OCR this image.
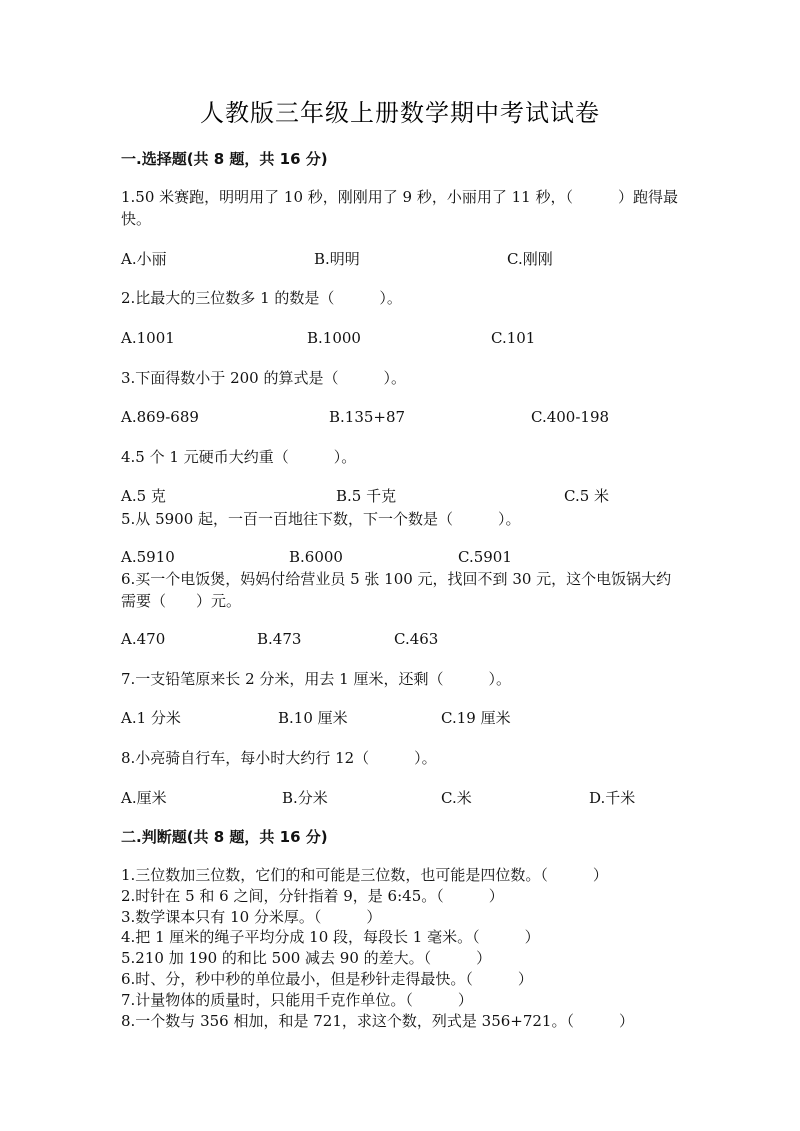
人教版三年级上册数学期中考试试卷
一.选择题(共 8 题，共 16 分)
1.50 米赛跑，明明用了 10 秒，刚刚用了 9 秒，小丽用了 11 秒，（　　　）跑得最快。
A.小丽	B.明明	C.刚刚
2.比最大的三位数多 1 的数是（　　　）。
A.1001	B.1000	C.101
3.下面得数小于 200 的算式是（　　　）。
A.869-689	B.135+87	C.400-198
4.5 个 1 元硬币大约重（　　　）。
A.5 克	B.5 千克	C.5 米
5.从 5900 起，一百一百地往下数，下一个数是（　　　）。
A.5910	B.6000	C.5901
6.买一个电饭煲，妈妈付给营业员 5 张 100 元，找回不到 30 元，这个电饭锅大约需要（　　）元。
A.470	B.473	C.463
7.一支铅笔原来长 2 分米，用去 1 厘米，还剩（　　　）。
A.1 分米	B.10 厘米	C.19 厘米
8.小亮骑自行车，每小时大约行 12（　　　）。
A.厘米	B.分米	C.米	D.千米
二.判断题(共 8 题，共 16 分)
1.三位数加三位数，它们的和可能是三位数，也可能是四位数。（　　　）
2.时针在 5 和 6 之间，分针指着 9，是 6:45。（　　　）
3.数学课本只有 10 分米厚。（　　　）
4.把 1 厘米的绳子平均分成 10 段，每段长 1 毫米。（　　　）
5.210 加 190 的和比 500 减去 90 的差大。（　　　）
6.时、分，秒中秒的单位最小，但是秒针走得最快。（　　　）
7.计量物体的质量时，只能用千克作单位。（　　　）
8.一个数与 356 相加，和是 721，求这个数，列式是 356+721。（　　　）
